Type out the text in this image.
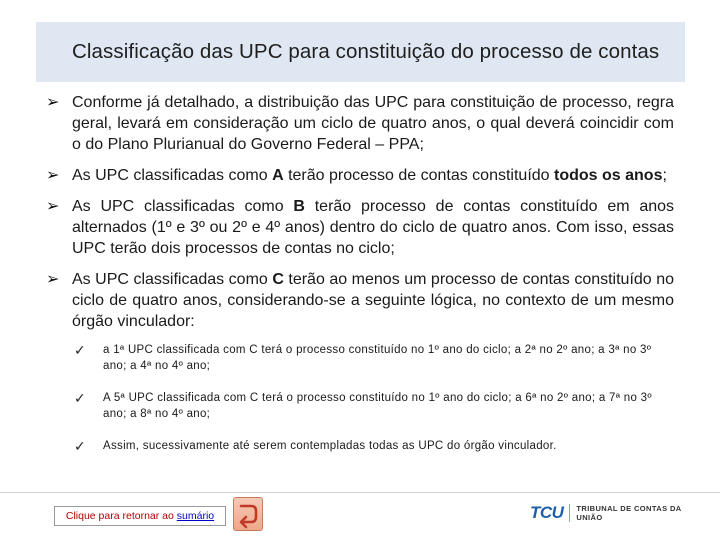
Classificação das UPC para constituição do processo de contas
➢ Conforme já detalhado, a distribuição das UPC para constituição de processo, regra geral, levará em consideração um ciclo de quatro anos, o qual deverá coincidir com o do Plano Plurianual do Governo Federal – PPA;
➢ As UPC classificadas como A terão processo de contas constituído todos os anos;
➢ As UPC classificadas como B terão processo de contas constituído em anos alternados (1º e 3º ou 2º e 4º anos) dentro do ciclo de quatro anos. Com isso, essas UPC terão dois processos de contas no ciclo;
➢ As UPC classificadas como C terão ao menos um processo de contas constituído no ciclo de quatro anos, considerando-se a seguinte lógica, no contexto de um mesmo órgão vinculador:
✓	a 1ª UPC classificada com C terá o processo constituído no 1º ano do ciclo; a 2ª no 2º ano; a 3ª no 3º ano; a 4ª no 4º ano;
✓	A 5ª UPC classificada com C terá o processo constituído no 1º ano do ciclo; a 6ª no 2º ano; a 7ª no 3º ano; a 8ª no 4º ano;
✓	Assim, sucessivamente até serem contempladas todas as UPC do órgão vinculador.
Clique para retornar ao sumário	TCU TRIBUNAL DE CONTAS DA UNIÃO
